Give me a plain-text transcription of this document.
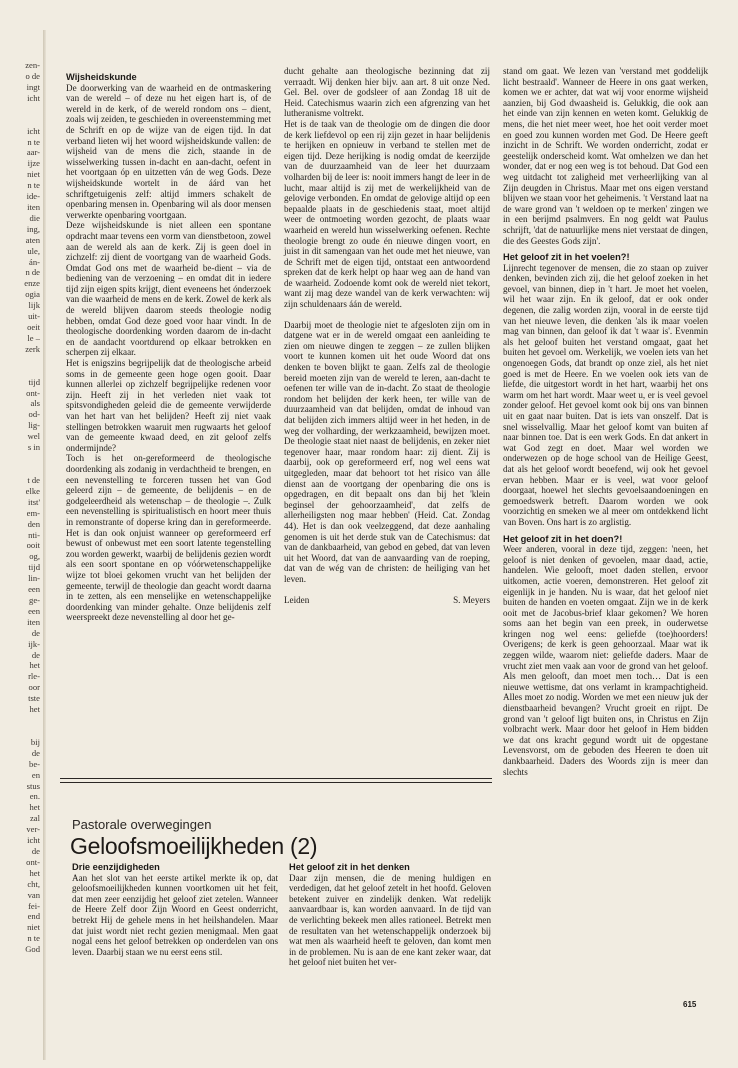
zen-
o de
ingt
icht
icht
n te
aar-
ijze
niet
n te
ide-
iten
die
ing,
aten
ule,
án-
n de
enze
ogia
lijk
uit-
oeit
le –
zerk
tijd
ont-
als
od-
lig-
wel
s in
t de
elke
itst'
em-
den
nti-
ooit
og,
tijd
lin-
een
ge-
een
iten
de
ijk-
de
het
rle-
oor
tste
het
bij
de
be-
en
stus
en.
het
zal
ver-
icht
de
ont-
het
cht,
van
fei-
end
niet
n te
God
Wijsheidskunde

De doorwerking van de waarheid en de ontmaskering van de wereld – of deze nu het eigen hart is, of de wereld in de kerk, of de wereld rondom ons – dient, zoals wij zeiden, te geschieden in overeenstemming met de Schrift en op de wijze van de eigen tijd. In dat verband lieten wij het woord wijsheidskunde vallen: de wijsheid van de mens die zich, staande in de wisselwerking tussen in-dacht en aan-dacht, oefent in het voortgaan óp en uitzetten ván de weg Gods. Deze wijsheidskunde wortelt in de áárd van het schriftgetuigenis zelf: altijd immers schakelt de openbaring mensen in. Openbaring wil als door mensen verwerkte openbaring voortgaan.

Deze wijsheidskunde is niet alleen een spontane opdracht maar tevens een vorm van dienstbetoon, zowel aan de wereld als aan de kerk. Zij is geen doel in zichzelf: zij dient de voortgang van de waarheid Gods. Omdat God ons met de waarheid be-dient – via de bediening van de verzoening – en omdat dit in iedere tijd zijn eigen spits krijgt, dient eveneens het ónderzoek van die waarheid de mens en de kerk. Zowel de kerk als de wereld blijven daarom steeds theologie nodig hebben, omdat God deze goed voor haar vindt. In de theologische doordenking worden daarom de in-dacht en de aandacht voortdurend op elkaar betrokken en scherpen zij elkaar.

Het is enigszins begrijpelijk dat de theologische arbeid soms in de gemeente geen hoge ogen gooit. Daar kunnen allerlei op zichzelf begrijpelijke redenen voor zijn. Heeft zij in het verleden niet vaak tot spitsvondigheden geleid die de gemeente verwijderde van het hart van het belijden? Heeft zij niet vaak stellingen betrokken waaruit men rugwaarts het geloof van de gemeente kwaad deed, en zit geloof zelfs ondermijnde?

Toch is het on-gereformeerd de theologische doordenking als zodanig in verdachtheid te brengen, en een nevenstelling te forceren tussen het van God geleerd zijn – de gemeente, de belijdenis – en de godgeleerdheid als wetenschap – de theologie –. Zulk een nevenstelling is spiritualistisch en hoort meer thuis in remonstrante of doperse kring dan in gereformeerde. Het is dan ook onjuist wanneer op gereformeerd erf bewust of onbewust met een soort latente tegenstelling zou worden gewerkt, waarbij de belijdenis gezien wordt als een soort spontane en op vóórwetenschappelijke wijze tot bloei gekomen vrucht van het belijden der gemeente, terwijl de theologie dan geacht wordt daarna in te zetten, als een menselijke en wetenschappelijke doordenking van minder gehalte. Onze belijdenis zelf weerspreekt deze nevenstelling al door het ge-

ducht gehalte aan theologische bezinning dat zij verraadt. Wij denken hier bijv. aan art. 8 uit onze Ned. Gel. Bel. over de godsleer of aan Zondag 18 uit de Heid. Catechismus waarin zich een afgrenzing van het lutheranisme voltrekt.

Het is de taak van de theologie om de dingen die door de kerk liefdevol op een rij zijn gezet in haar belijdenis te herijken en opnieuw in verband te stellen met de eigen tijd. Deze herijking is nodig omdat de keerzijde van de duurzaamheid van de leer het duurzaam volharden bij de leer is: nooit immers hangt de leer in de lucht, maar altijd is zij met de werkelijkheid van de gelovige verbonden. En omdat de gelovige altijd op een bepaalde plaats in de geschiedenis staat, moet altijd weer de ontmoeting worden gezocht, de plaats waar waarheid en wereld hun wisselwerking oefenen. Rechte theologie brengt zo oude én nieuwe dingen voort, en juist in dit samengaan van het oude met het nieuwe, van de Schrift met de eigen tijd, ontstaat een antwoordend spreken dat de kerk helpt op haar weg aan de hand van de waarheid. Zodoende komt ook de wereld niet tekort, want zij mag deze wandel van de kerk verwachten: wij zijn schuldenaars áán de wereld.

Daarbij moet de theologie niet te afgesloten zijn om in datgene wat er in de wereld omgaat een aanleiding te zien om nieuwe dingen te zeggen – ze zullen blijken voort te kunnen komen uit het oude Woord dat ons denken te boven blijkt te gaan. Zelfs zal de theologie bereid moeten zijn van de wereld te leren, aan-dacht te oefenen ter wille van de in-dacht. Zo staat de theologie rondom het belijden der kerk heen, ter wille van de duurzaamheid van dat belijden, omdat de inhoud van dat belijden zich immers altijd weer in het heden, in de weg der volharding, der werkzaamheid, bewijzen moet. De theologie staat niet naast de belijdenis, en zeker niet tegenover haar, maar rondom haar: zij dient. Zij is daarbij, ook op gereformeerd erf, nog wel eens wat uitgegleden, maar dat behoort tot het risico van álle dienst aan de voortgang der openbaring die ons is opgedragen, en dit bepaalt ons dan bij het 'klein beginsel der gehoorzaamheid', dat zelfs de allerheiligsten nog maar hebben' (Heid. Cat. Zondag 44). Het is dan ook veelzeggend, dat deze aanhaling genomen is uit het derde stuk van de Catechismus: dat van de dankbaarheid, van gebod en gebed, dat van leven uit het Woord, dat van de aanvaarding van de roeping, dat van de wég van de christen: de heiliging van het leven.

Leiden	S. Meyers

stand om gaat. We lezen van 'verstand met goddelijk licht bestraald'. Wanneer de Heere in ons gaat werken, komen we er achter, dat wat wij voor enorme wijsheid aanzien, bij God dwaasheid is. Gelukkig, die ook aan het einde van zijn kennen en weten komt. Gelukkig de mens, die het niet meer weet, hoe het ooit verder moet en goed zou kunnen worden met God. De Heere geeft inzicht in de Schrift. We worden onderricht, zodat er geestelijk onderscheid komt. Wat omhelzen we dan het wonder, dat er nog een weg is tot behoud. Dat God een weg uitdacht tot zaligheid met verheerlijking van al Zijn deugden in Christus. Maar met ons eigen verstand blijven we staan voor het geheimenis. 't Verstand laat na de ware grond van 't weldoen op te merken' zingen we in een berijmd psalmvers. En nog geldt wat Paulus schrijft, 'dat de natuurlijke mens niet verstaat de dingen, die des Geestes Gods zijn'.

Het geloof zit in het voelen?!

Lijnrecht tegenover de mensen, die zo staan op zuiver denken, bevinden zich zij, die het geloof zoeken in het gevoel, van binnen, diep in 't hart. Je moet het voelen, wil het waar zijn. En ik geloof, dat er ook onder degenen, die zalig worden zijn, vooral in de eerste tijd van het nieuwe leven, die denken 'als ik maar voelen mag van binnen, dan geloof ik dat 't waar is'. Evenmin als het geloof buiten het verstand omgaat, gaat het buiten het gevoel om. Werkelijk, we voelen iets van het ongenoegen Gods, dat brandt op onze ziel, als het niet goed is met de Heere. En we voelen ook iets van de liefde, die uitgestort wordt in het hart, waarbij het ons warm om het hart wordt. Maar weet u, er is veel gevoel zonder geloof. Het gevoel komt ook bij ons van binnen uit en gaat naar buiten. Dat is iets van onszelf. Dat is snel wisselvallig. Maar het geloof komt van buiten af naar binnen toe. Dat is een werk Gods. En dat ankert in wat God zegt en doet. Maar wel worden we onderwezen op de hoge school van de Heilige Geest, dat als het geloof wordt beoefend, wij ook het gevoel ervan hebben. Maar er is veel, wat voor geloof doorgaat, hoewel het slechts gevoelsaandoeningen en gemoedswerk betreft. Daarom worden we ook voorzichtig en smeken we al meer om ontdekkend licht van Boven. Ons hart is zo arglistig.

Het geloof zit in het doen?!

Weer anderen, vooral in deze tijd, zeggen: 'neen, het geloof is niet denken of gevoelen, maar daad, actie, handelen. Wie gelooft, moet daden stellen, ervoor uitkomen, actie voeren, demonstreren. Het geloof zit eigenlijk in je handen. Nu is waar, dat het geloof niet buiten de handen en voeten omgaat. Zijn we in de kerk ooit met de Jacobus-brief klaar gekomen? We horen soms aan het begin van een preek, in ouderwetse kringen nog wel eens: geliefde (toe)hoorders! Overigens; de kerk is geen gehoorzaal. Maar wat ik zeggen wilde, waarom niet: geliefde daders. Maar de vrucht ziet men vaak aan voor de grond van het geloof. Als men gelooft, dan moet men toch… Dat is een nieuwe wettisme, dat ons verlamt in krampachtigheid. Alles moet zo nodig. Worden we met een nieuw juk der dienstbaarheid bevangen? Vrucht groeit en rijpt. De grond van 't geloof ligt buiten ons, in Christus en Zijn volbracht werk. Maar door het geloof in Hem bidden we dat ons kracht gegund wordt uit de opgestane Levensvorst, om de geboden des Heeren te doen uit dankbaarheid. Daders des Woords zijn is meer dan slechts

Pastorale overwegingen
Geloofsmoeilijkheden (2)
Drie eenzijdigheden

Aan het slot van het eerste artikel merkte ik op, dat geloofsmoeilijkheden kunnen voortkomen uit het feit, dat men zeer eenzijdig het geloof ziet zetelen. Wanneer de Heere Zelf door Zijn Woord en Geest onderricht, betrekt Hij de gehele mens in het heilshandelen. Maar dat juist wordt niet recht gezien menigmaal. Men gaat nogal eens het geloof betrekken op onderdelen van ons leven. Daarbij staan we nu eerst eens stil.

Het geloof zit in het denken

Daar zijn mensen, die de mening huldigen en verdedigen, dat het geloof zetelt in het hoofd. Geloven betekent zuiver en zindelijk denken. Wat redelijk aanvaardbaar is, kan worden aanvaard. In de tijd van de verlichting bekeek men alles rationeel. Betrekt men de resultaten van het wetenschappelijk onderzoek bij wat men als waarheid heeft te geloven, dan komt men in de problemen. Nu is aan de ene kant zeker waar, dat het geloof niet buiten het ver-

615
